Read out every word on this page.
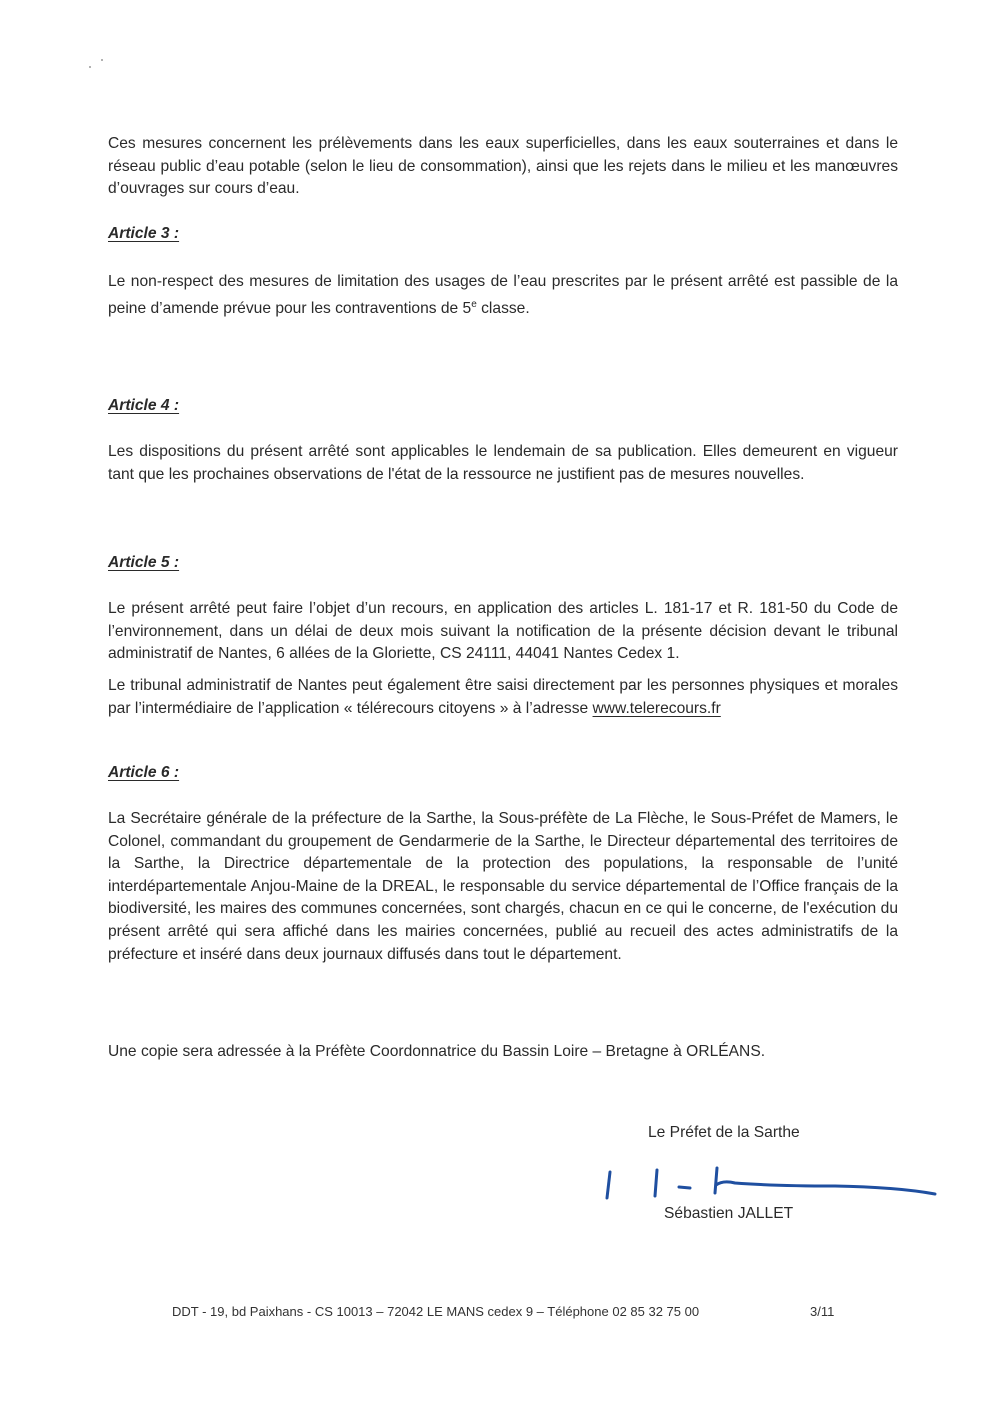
Ces mesures concernent les prélèvements dans les eaux superficielles, dans les eaux souterraines et dans le réseau public d’eau potable (selon le lieu de consommation), ainsi que les rejets dans le milieu et les manœuvres d’ouvrages sur cours d’eau.

Article 3 :

Le non-respect des mesures de limitation des usages de l’eau prescrites par le présent arrêté est passible de la peine d’amende prévue pour les contraventions de 5e classe.

Article 4 :

Les dispositions du présent arrêté sont applicables le lendemain de sa publication. Elles demeurent en vigueur tant que les prochaines observations de l'état de la ressource ne justifient pas de mesures nouvelles.

Article 5 :

Le présent arrêté peut faire l’objet d’un recours, en application des articles L. 181-17 et R. 181-50 du Code de l’environnement, dans un délai de deux mois suivant la notification de la présente décision devant le tribunal administratif de Nantes, 6 allées de la Gloriette, CS 24111, 44041 Nantes Cedex 1.

Le tribunal administratif de Nantes peut également être saisi directement par les personnes physiques et morales par l’intermédiaire de l’application « télérecours citoyens » à l’adresse www.telerecours.fr

Article 6 :

La Secrétaire générale de la préfecture de la Sarthe, la Sous-préfète de La Flèche, le Sous-Préfet de Mamers, le Colonel, commandant du groupement de Gendarmerie de la Sarthe, le Directeur départemental des territoires de la Sarthe, la Directrice départementale de la protection des populations, la responsable de l’unité interdépartementale Anjou-Maine de la DREAL, le responsable du service départemental de l’Office français de la biodiversité, les maires des communes concernées, sont chargés, chacun en ce qui le concerne, de l'exécution du présent arrêté qui sera affiché dans les mairies concernées, publié au recueil des actes administratifs de la préfecture et inséré dans deux journaux diffusés dans tout le département.

Une copie sera adressée à la Préfète Coordonnatrice du Bassin Loire – Bretagne à ORLÉANS.

Le Préfet de la Sarthe
Sébastien JALLET
DDT - 19, bd Paixhans - CS 10013 – 72042 LE MANS cedex 9 – Téléphone 02 85 32 75 00	3/11
